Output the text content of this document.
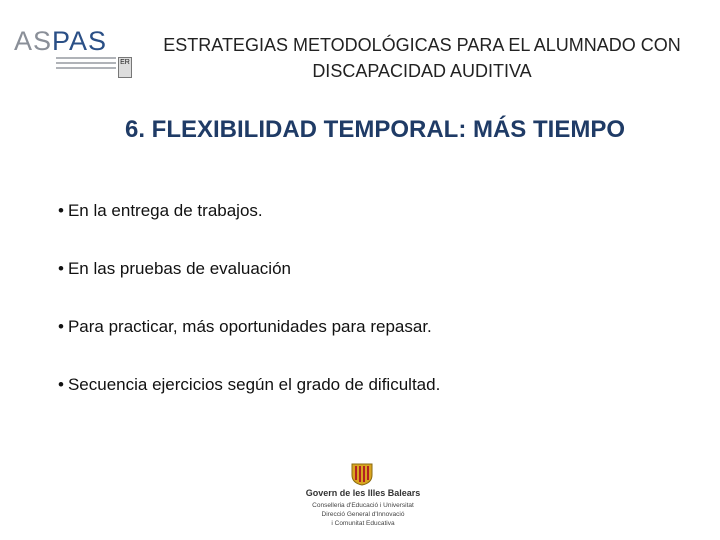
ASPAS
ER
ESTRATEGIAS METODOLÓGICAS PARA EL ALUMNADO CON
DISCAPACIDAD AUDITIVA
6. FLEXIBILIDAD TEMPORAL: MÁS TIEMPO
• En la entrega de trabajos.
• En las pruebas de evaluación
• Para practicar, más oportunidades para repasar.
• Secuencia ejercicios según el grado de dificultad.
Govern de les Illes Balears
Conselleria d'Educació i Universitat
Direcció General d'Innovació
i Comunitat Educativa
